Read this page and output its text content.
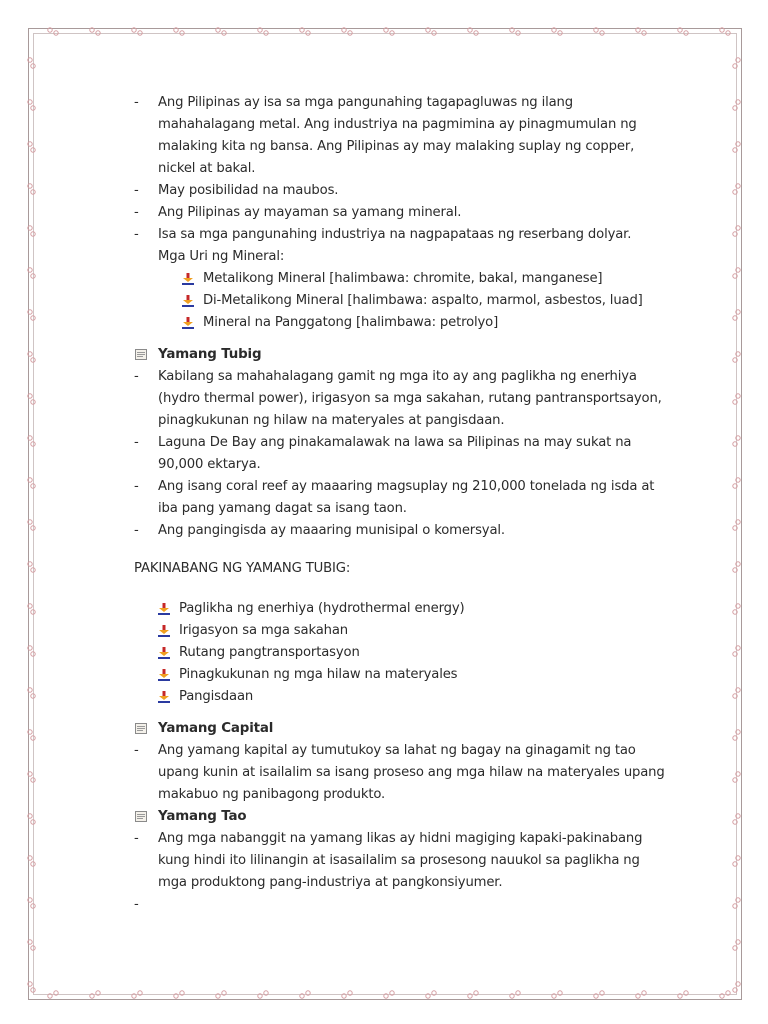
- Ang Pilipinas ay isa sa mga pangunahing tagapagluwas ng ilang
mahahalagang metal. Ang industriya na pagmimina ay pinagmumulan ng
malaking kita ng bansa. Ang Pilipinas ay may malaking suplay ng copper,
nickel at bakal.
- May posibilidad na maubos.
- Ang Pilipinas ay mayaman sa yamang mineral.
- Isa sa mga pangunahing industriya na nagpapataas ng reserbang dolyar.
Mga Uri ng Mineral:
Metalikong Mineral [halimbawa: chromite, bakal, manganese]
Di-Metalikong Mineral [halimbawa: aspalto, marmol, asbestos, luad]
Mineral na Panggatong [halimbawa: petrolyo]
Yamang Tubig
- Kabilang sa mahahalagang gamit ng mga ito ay ang paglikha ng enerhiya
(hydro thermal power), irigasyon sa mga sakahan, rutang pantransportsayon,
pinagkukunan ng hilaw na materyales at pangisdaan.
- Laguna De Bay ang pinakamalawak na lawa sa Pilipinas na may sukat na
90,000 ektarya.
- Ang isang coral reef ay maaaring magsuplay ng 210,000 tonelada ng isda at
iba pang yamang dagat sa isang taon.
- Ang pangingisda ay maaaring munisipal o komersyal.
PAKINABANG NG YAMANG TUBIG:
Paglikha ng enerhiya (hydrothermal energy)
Irigasyon sa mga sakahan
Rutang pangtransportasyon
Pinagkukunan ng mga hilaw na materyales
Pangisdaan
Yamang Capital
- Ang yamang kapital ay tumutukoy sa lahat ng bagay na ginagamit ng tao
upang kunin at isailalim sa isang proseso ang mga hilaw na materyales upang
makabuo ng panibagong produkto.
Yamang Tao
- Ang mga nabanggit na yamang likas ay hidni magiging kapaki-pakinabang
kung hindi ito lilinangin at isasailalim sa prosesong nauukol sa paglikha ng
mga produktong pang-industriya at pangkonsiyumer.
-
